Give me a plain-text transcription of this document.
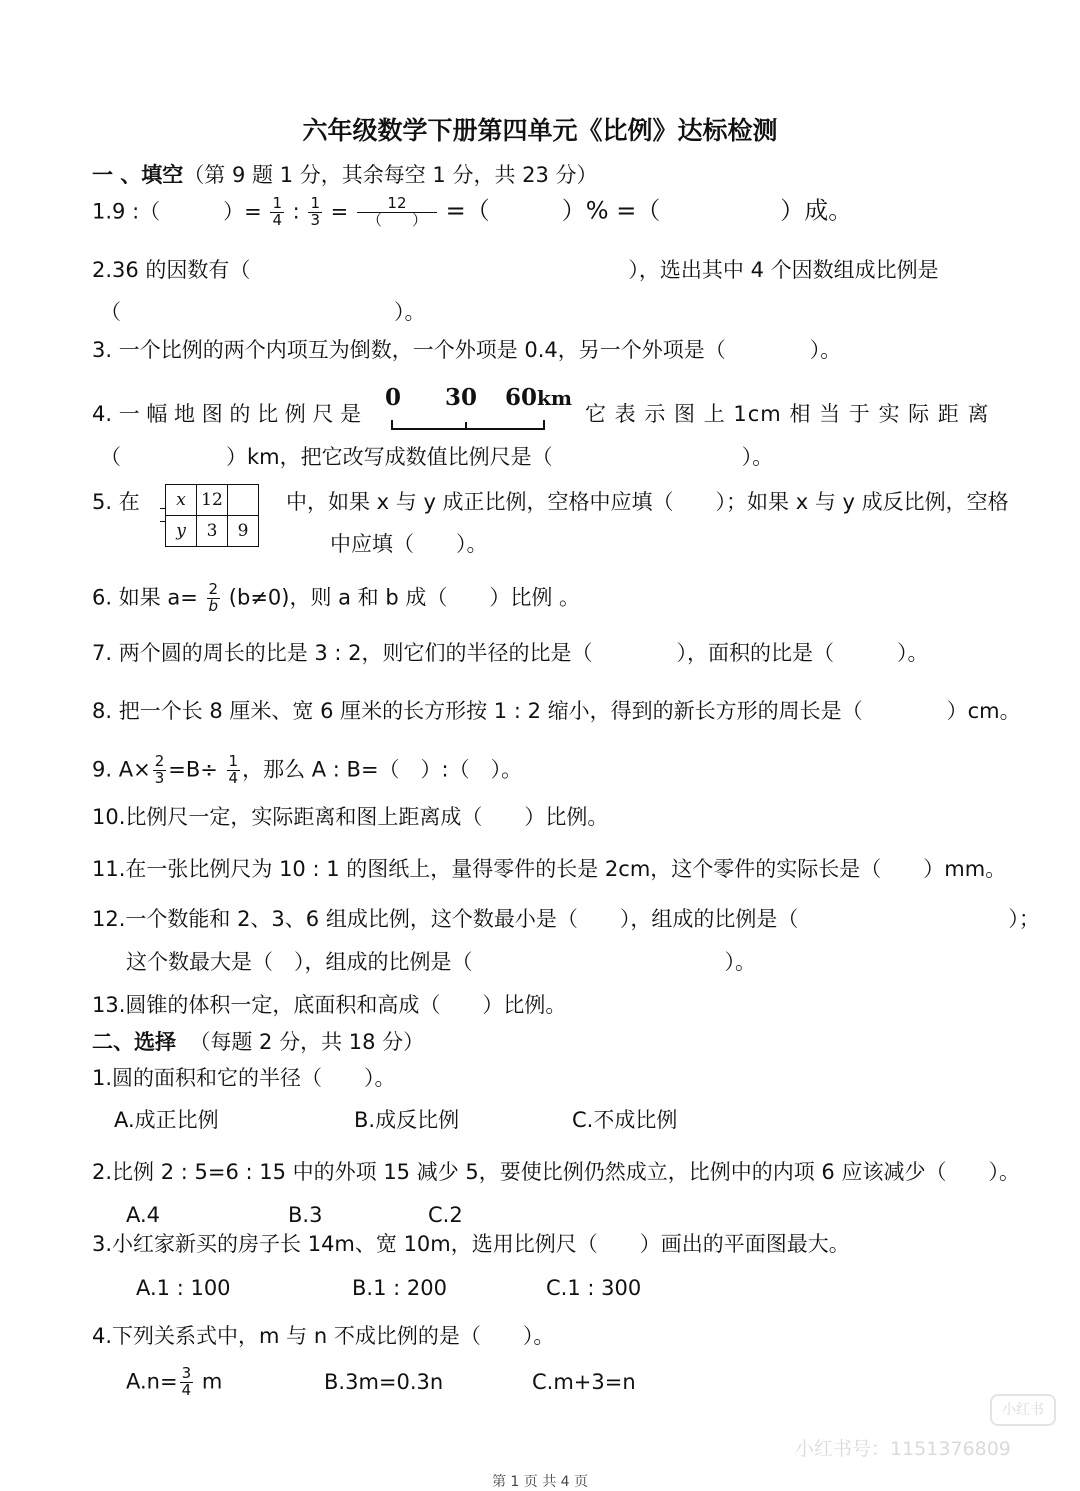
六年级数学下册第四单元《比例》达标检测
一 、填空（第 9 题 1 分，其余每空 1 分，共 23 分）
1.9 :（　　　）= $\frac{1}{4}$ : $\frac{1}{3} = \frac{12}{( )}$ =（　　　）% =（　　　　　）成。
2.36 的因数有（　　　　　　　　　　　　　　　　　　），选出其中 4 个因数组成比例是
（　　　　　　　　　　　　　）。
3. 一个比例的两个内项互为倒数，一个外项是 0.4，另一个外项是（　　　　）。
4. 一 幅 地 图 的 比 例 尺 是
0 30 60 km
它 表 示 图 上 1cm 相 当 于 实 际 距 离
（　　　　　）km，把它改写成数值比例尺是（　　　　　　　　　）。
5. 在 x	12	
y	3	9
中，如果 x 与 y 成正比例，空格中应填（　　）；如果 x 与 y 成反比例，空格
中应填（　　）。
6. 如果 $a= \frac{2}{b} (b\ne 0)$，则 a 和 b 成（　　）比例 。
7. 两个圆的周长的比是 3 : 2，则它们的半径的比是（　　　　），面积的比是（　　　）。
8. 把一个长 8 厘米、宽 6 厘米的长方形按 1 : 2 缩小，得到的新长方形的周长是（　　　　）cm。
9. $A\times \frac{2}{3} =B\div \frac{1}{4}$ ，那么 A : B=（　）:（　）。
10.比例尺一定，实际距离和图上距离成（　　）比例。
11.在一张比例尺为 10 : 1 的图纸上，量得零件的长是 2cm，这个零件的实际长是（　　）mm。
12.一个数能和 2、3、6 组成比例，这个数最小是（　　），组成的比例是（　　　　　　　　　　）；
这个数最大是（　），组成的比例是（　　　　　　　　　　　　）。
13.圆锥的体积一定，底面积和高成（　　）比例。
二、选择 （每题 2 分，共 18 分）
1.圆的面积和它的半径（　　）。
A.成正比例	B.成反比例	C.不成比例
2.比例 2 : 5=6 : 15 中的外项 15 减少 5，要使比例仍然成立，比例中的内项 6 应该减少（　　）。
A.4	B.3	C.2
3.小红家新买的房子长 14m、宽 10m，选用比例尺（　　）画出的平面图最大。
A.1 : 100	B.1 : 200	C.1 : 300
4.下列关系式中，m 与 n 不成比例的是（　　）。
$A.n= \frac{3}{4}$ m	B.3m=0.3n	C.m+3=n
小红书
小红书号：1151376809
第 1 页 共 4 页
